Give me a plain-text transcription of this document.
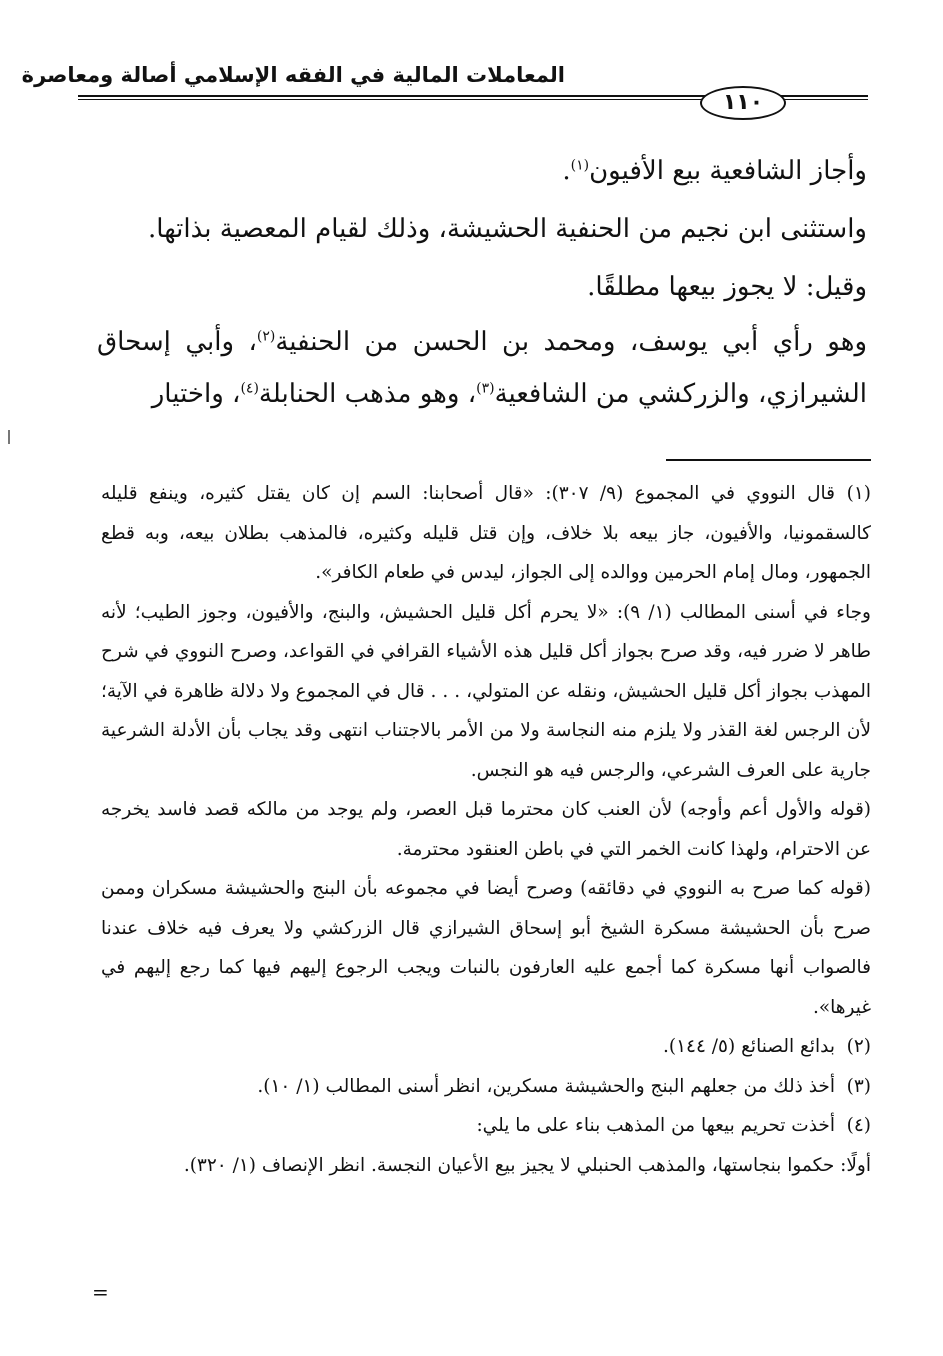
المعاملات المالية في الفقه الإسلامي أصالة ومعاصرة
١١٠

وأجاز الشافعية بيع الأفيون$^{(١)}$.

واستثنى ابن نجيم من الحنفية الحشيشة، وذلك لقيام المعصية بذاتها.

وقيل: لا يجوز بيعها مطلقًا.

وهو رأي أبي يوسف، ومحمد بن الحسن من الحنفية$^{(٢)}$، وأبي إسحاق الشيرازي، والزركشي من الشافعية$^{(٣)}$، وهو مذهب الحنابلة$^{(٤)}$، واختيار

(١)قال النووي في المجموع (٩/ ٣٠٧): «قال أصحابنا: السم إن كان يقتل كثيره، وينفع قليله كالسقمونيا، والأفيون، جاز بيعه بلا خلاف، وإن قتل قليله وكثيره، فالمذهب بطلان بيعه، وبه قطع الجمهور، ومال إمام الحرمين ووالده إلى الجواز، ليدس في طعام الكافر».

وجاء في أسنى المطالب (١/ ٩): «لا يحرم أكل قليل الحشيش، والبنج، والأفيون، وجوز الطيب؛ لأنه طاهر لا ضرر فيه، وقد صرح بجواز أكل قليل هذه الأشياء القرافي في القواعد، وصرح النووي في شرح المهذب بجواز أكل قليل الحشيش، ونقله عن المتولي، . . . قال في المجموع ولا دلالة ظاهرة في الآية؛ لأن الرجس لغة القذر ولا يلزم منه النجاسة ولا من الأمر بالاجتناب انتهى وقد يجاب بأن الأدلة الشرعية جارية على العرف الشرعي، والرجس فيه هو النجس.

(قوله والأول أعم وأوجه) لأن العنب كان محترما قبل العصر، ولم يوجد من مالكه قصد فاسد يخرجه عن الاحترام، ولهذا كانت الخمر التي في باطن العنقود محترمة.

(قوله كما صرح به النووي في دقائقه) وصرح أيضا في مجموعه بأن البنج والحشيشة مسكران وممن صرح بأن الحشيشة مسكرة الشيخ أبو إسحاق الشيرازي قال الزركشي ولا يعرف فيه خلاف عندنا فالصواب أنها مسكرة كما أجمع عليه العارفون بالنبات ويجب الرجوع إليهم فيها كما رجع إليهم في غيرها».

(٢)بدائع الصنائع (٥/ ١٤٤).

(٣)أخذ ذلك من جعلهم البنج والحشيشة مسكرين، انظر أسنى المطالب (١/ ١٠).

(٤)أخذت تحريم بيعها من المذهب بناء على ما يلي:

أولًا: حكموا بنجاستها، والمذهب الحنبلي لا يجيز بيع الأعيان النجسة. انظر الإنصاف (١/ ٣٢٠).

=
